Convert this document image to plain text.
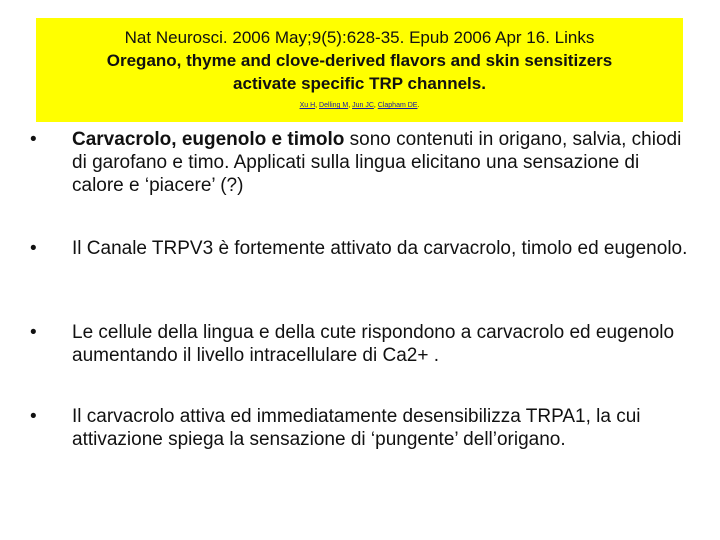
Nat Neurosci. 2006 May;9(5):628-35. Epub 2006 Apr 16. Links
Oregano, thyme and clove-derived flavors and skin sensitizers
activate specific TRP channels.
Xu H, Delling M, Jun JC, Clapham DE.
•	Carvacrolo, eugenolo e timolo sono contenuti in origano, salvia, chiodi di garofano e timo. Applicati sulla lingua elicitano una sensazione di calore e ‘piacere’ (?)
•	Il Canale TRPV3 è fortemente attivato da carvacrolo, timolo ed eugenolo.
•	Le cellule della lingua e della cute rispondono a carvacrolo ed eugenolo aumentando il livello intracellulare di Ca2+ .
•	Il carvacrolo attiva ed immediatamente desensibilizza TRPA1, la cui attivazione spiega la sensazione di ‘pungente’ dell’origano.
